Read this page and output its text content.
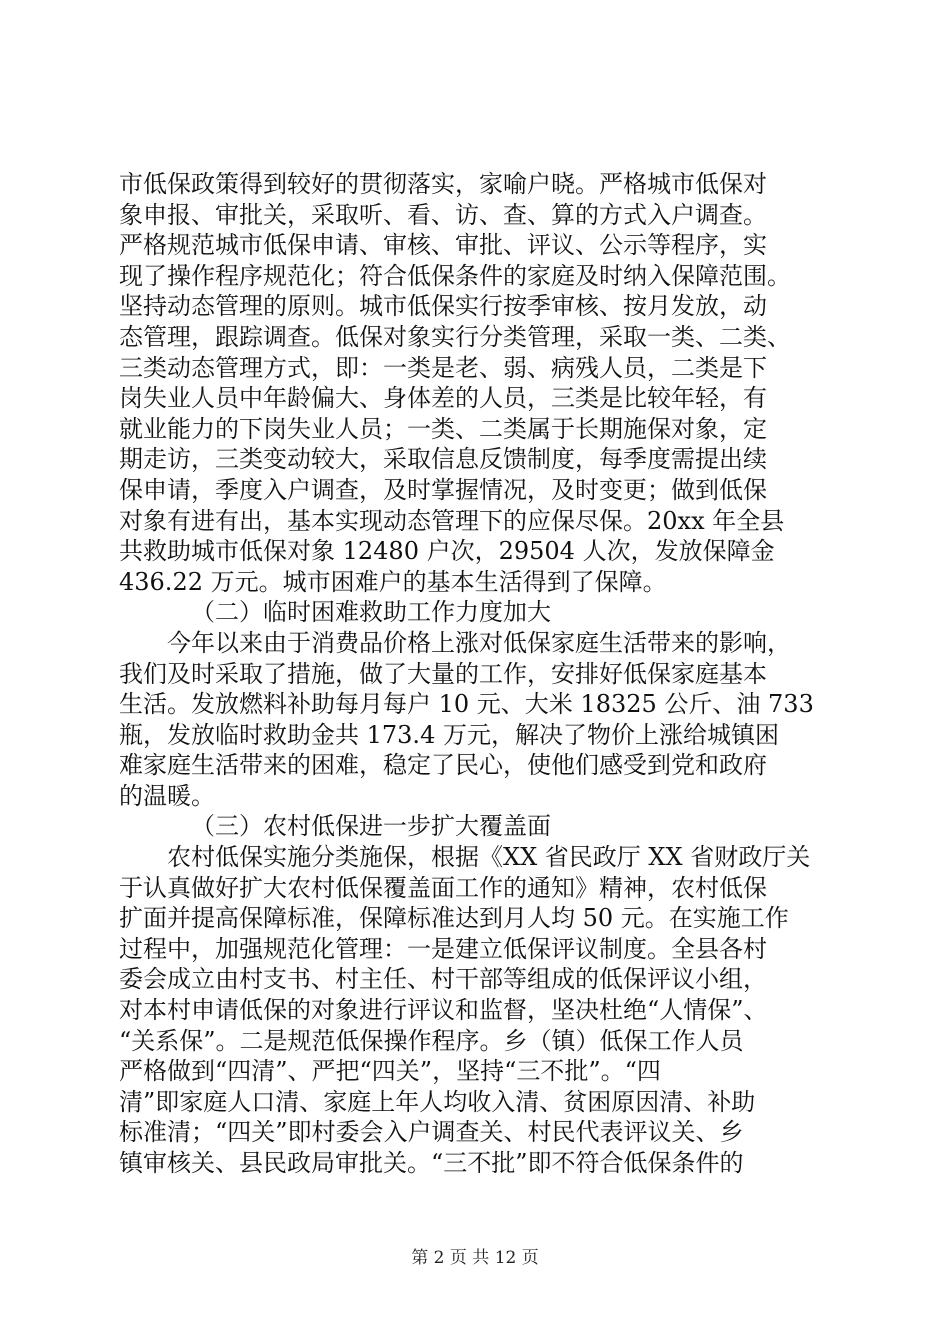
市低保政策得到较好的贯彻落实，家喻户晓。严格城市低保对
象申报、审批关，采取听、看、访、查、算的方式入户调查。
严格规范城市低保申请、审核、审批、评议、公示等程序，实
现了操作程序规范化；符合低保条件的家庭及时纳入保障范围。
坚持动态管理的原则。城市低保实行按季审核、按月发放，动
态管理，跟踪调查。低保对象实行分类管理，采取一类、二类、
三类动态管理方式，即：一类是老、弱、病残人员，二类是下
岗失业人员中年龄偏大、身体差的人员，三类是比较年轻，有
就业能力的下岗失业人员；一类、二类属于长期施保对象，定
期走访，三类变动较大，采取信息反馈制度，每季度需提出续
保申请，季度入户调查，及时掌握情况，及时变更；做到低保
对象有进有出，基本实现动态管理下的应保尽保。20xx 年全县
共救助城市低保对象 12480 户次，29504 人次，发放保障金
436.22 万元。城市困难户的基本生活得到了保障。
（二）临时困难救助工作力度加大
今年以来由于消费品价格上涨对低保家庭生活带来的影响，
我们及时采取了措施，做了大量的工作，安排好低保家庭基本
生活。发放燃料补助每月每户 10 元、大米 18325 公斤、油 733
瓶，发放临时救助金共 173.4 万元，解决了物价上涨给城镇困
难家庭生活带来的困难，稳定了民心，使他们感受到党和政府
的温暖。
（三）农村低保进一步扩大覆盖面
农村低保实施分类施保，根据《XX 省民政厅 XX 省财政厅关
于认真做好扩大农村低保覆盖面工作的通知》精神，农村低保
扩面并提高保障标准，保障标准达到月人均 50 元。在实施工作
过程中，加强规范化管理：一是建立低保评议制度。全县各村
委会成立由村支书、村主任、村干部等组成的低保评议小组，
对本村申请低保的对象进行评议和监督，坚决杜绝“人情保”、
“关系保”。二是规范低保操作程序。乡（镇）低保工作人员
严格做到“四清”、严把“四关”，坚持“三不批”。“四
清”即家庭人口清、家庭上年人均收入清、贫困原因清、补助
标准清；“四关”即村委会入户调查关、村民代表评议关、乡
镇审核关、县民政局审批关。“三不批”即不符合低保条件的
第 2 页 共 12 页
